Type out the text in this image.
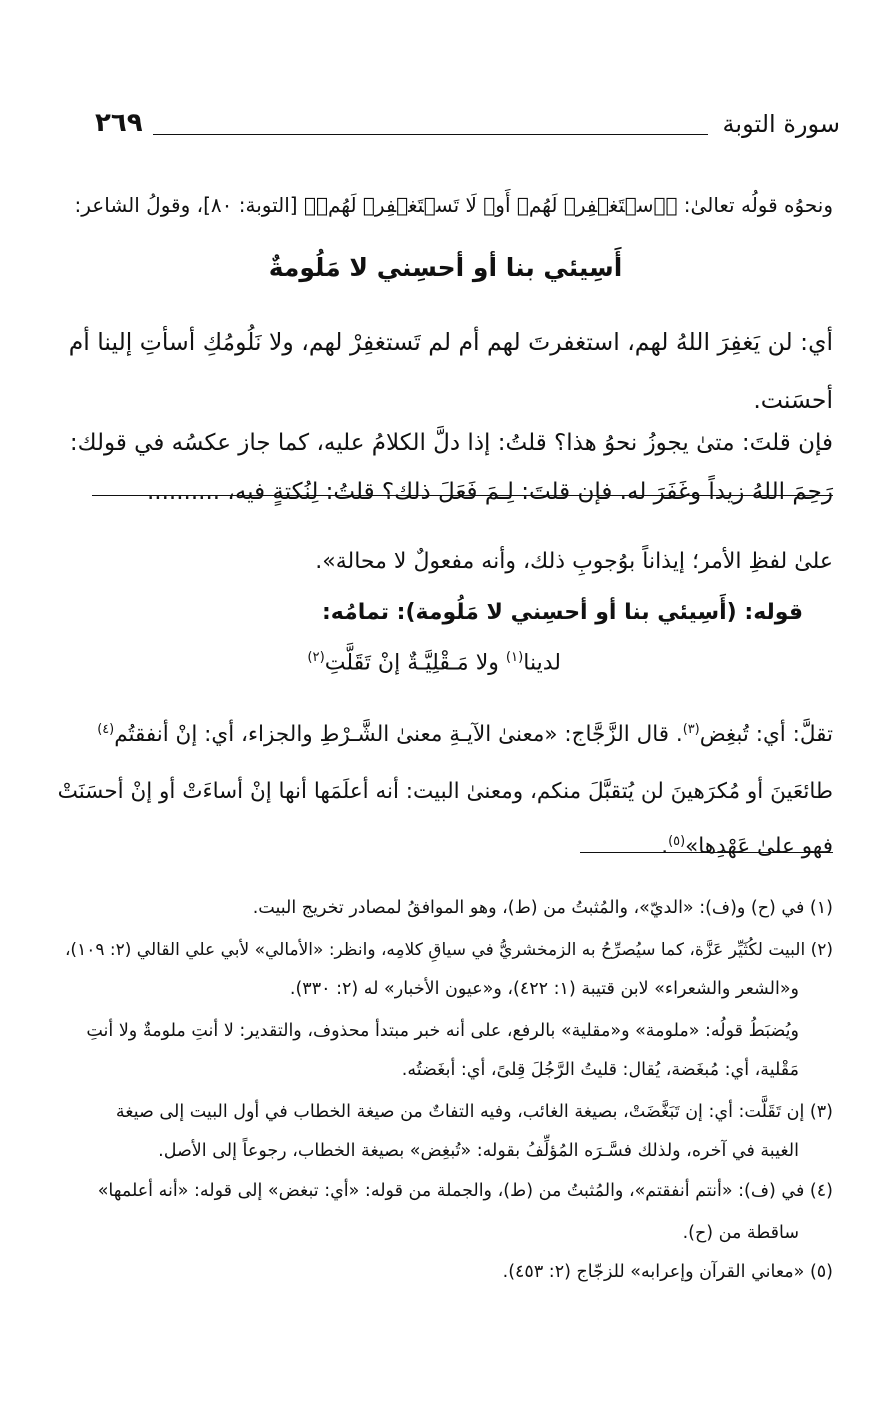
سورة التوبة
٢٦٩

ونحوُه قولُه تعالىٰ: ﴿ٱسۡتَغۡفِرۡ لَهُمۡ أَوۡ لَا تَسۡتَغۡفِرۡ لَهُمۡ﴾ [التوبة: ٨٠]، وقولُ الشاعر:

أَسِيئي بنا أو أحسِني لا مَلُومةٌ

أي: لن يَغفِرَ اللهُ لهم، استغفرتَ لهم أم لم تَستغفِرْ لهم، ولا نَلُومُكِ أسأتِ إلينا أم

أحسَنت.

فإن قلتَ: متىٰ يجوزُ نحوُ هذا؟ قلتُ: إذا دلَّ الكلامُ عليه، كما جاز عكسُه في قولك:

رَحِمَ اللهُ زيداً وغَفَرَ له. فإن قلتَ: لِـمَ فَعَلَ ذلك؟ قلتُ: لِنُكتةٍ فيه، ..........

علىٰ لفظِ الأمر؛ إيذاناً بوُجوبِ ذلك، وأنه مفعولٌ لا محالة».

قوله: (أَسِيئي بنا أو أحسِني لا مَلُومة): تمامُه:

لدينا$^{(١)}$ ولا مَـقْلِيَّـةٌ إنْ تَقَلَّتِ$^{(٢)}$

تقلَّ: أي: تُبغِض$^{(٣)}$. قال الزَّجَّاج: «معنىٰ الآيـةِ معنىٰ الشَّـرْطِ والجزاء، أي: إنْ أنفقتُم$^{(٤)}$

طائعَينَ أو مُكرَهينَ لن يُتقبَّلَ منكم، ومعنىٰ البيت: أنه أعلَمَها أنها إنْ أساءَتْ أو إنْ أحسَنَتْ

فهو علىٰ عَهْدِها»$^{(٥)}$.

(١) في (ح) و(ف): «الديّ»، والمُثبتُ من (ط)، وهو الموافقُ لمصادر تخريج البيت.

(٢) البيت لكُثَيِّر عَزَّة، كما سيُصرِّحُ به الزمخشريُّ في سياقِ كلامِه، وانظر: «الأمالي» لأبي علي القالي (٢: ١٠٩)،

و«الشعر والشعراء» لابن قتيبة (١: ٤٢٢)، و«عيون الأخبار» له (٢: ٣٣٠).

ويُضبَطُ قولُه: «ملومة» و«مقلية» بالرفع، على أنه خبر مبتدأ محذوف، والتقدير: لا أنتِ ملومةٌ ولا أنتِ

مَقْلية، أي: مُبغَضة، يُقال: قليتُ الرَّجُلَ قِلىً، أي: أبغَضتُه.

(٣) إن تَقَلَّت: أي: إن تَبَغَّضَتْ، بصيغة الغائب، وفيه التفاتٌ من صيغة الخطاب في أول البيت إلى صيغة

الغيبة في آخره، ولذلك فسَّـرَه المُؤلِّفُ بقوله: «تُبغِض» بصيغة الخطاب، رجوعاً إلى الأصل.

(٤) في (ف): «أنتم أنفقتم»، والمُثبتُ من (ط)، والجملة من قوله: «أي: تبغض» إلى قوله: «أنه أعلمها»

ساقطة من (ح).

(٥) «معاني القرآن وإعرابه» للزجّاج (٢: ٤٥٣).
